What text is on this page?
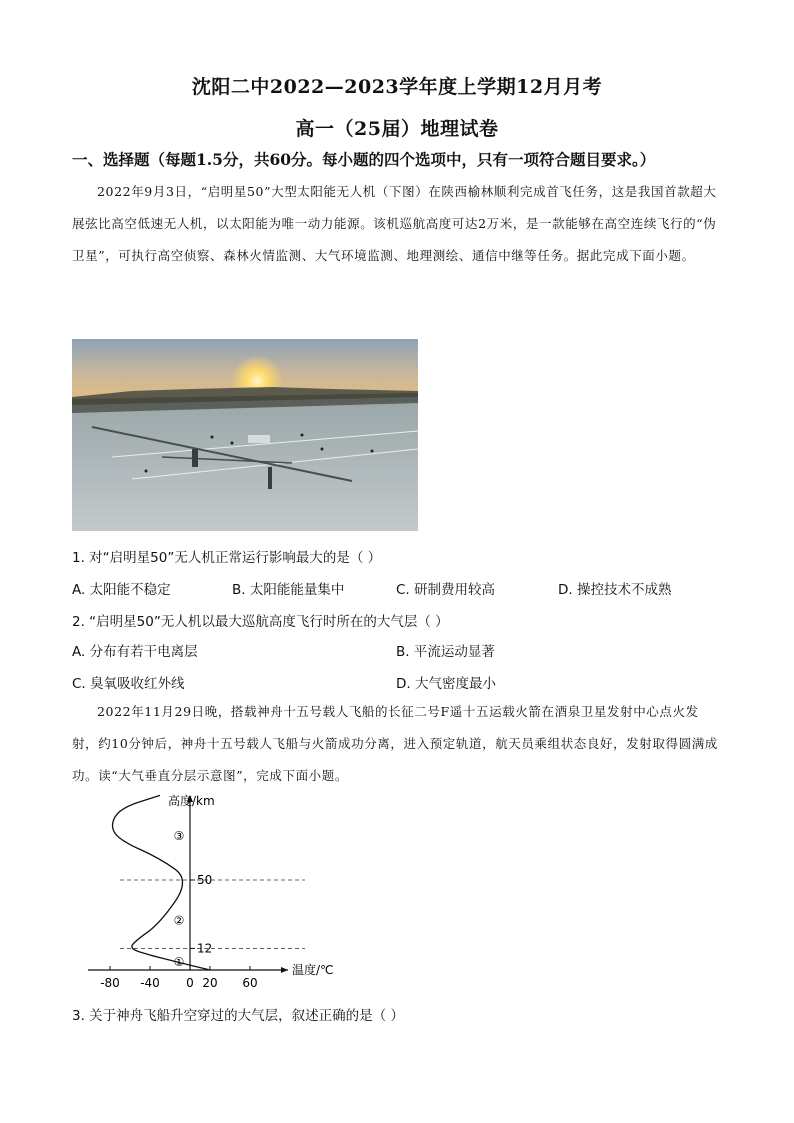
沈阳二中2022—2023学年度上学期12月月考
高一（25届）地理试卷
一、选择题（每题1.5分，共60分。每小题的四个选项中，只有一项符合题目要求。）
2022年9月3日，“启明星50”大型太阳能无人机（下图）在陕西榆林顺利完成首飞任务，这是我国首款超大展弦比高空低速无人机，以太阳能为唯一动力能源。该机巡航高度可达2万米，是一款能够在高空连续飞行的“伪卫星”，可执行高空侦察、森林火情监测、大气环境监测、地理测绘、通信中继等任务。据此完成下面小题。
1. 对“启明星50”无人机正常运行影响最大的是（ ）
A. 太阳能不稳定	B. 太阳能能量集中	C. 研制费用较高	D. 操控技术不成熟
2. “启明星50”无人机以最大巡航高度飞行时所在的大气层（ ）
A. 分布有若干电离层	B. 平流运动显著
C. 臭氧吸收红外线	D. 大气密度最小
2022年11月29日晚，搭载神舟十五号载人飞船的长征二号F遥十五运载火箭在酒泉卫星发射中心点火发射，约10分钟后，神舟十五号载人飞船与火箭成功分离，进入预定轨道，航天员乘组状态良好，发射取得圆满成功。读“大气垂直分层示意图”，完成下面小题。
高度/km
温度/℃
-80 -40 0 20 60
12
50
①
②
③
3. 关于神舟飞船升空穿过的大气层，叙述正确的是（ ）
